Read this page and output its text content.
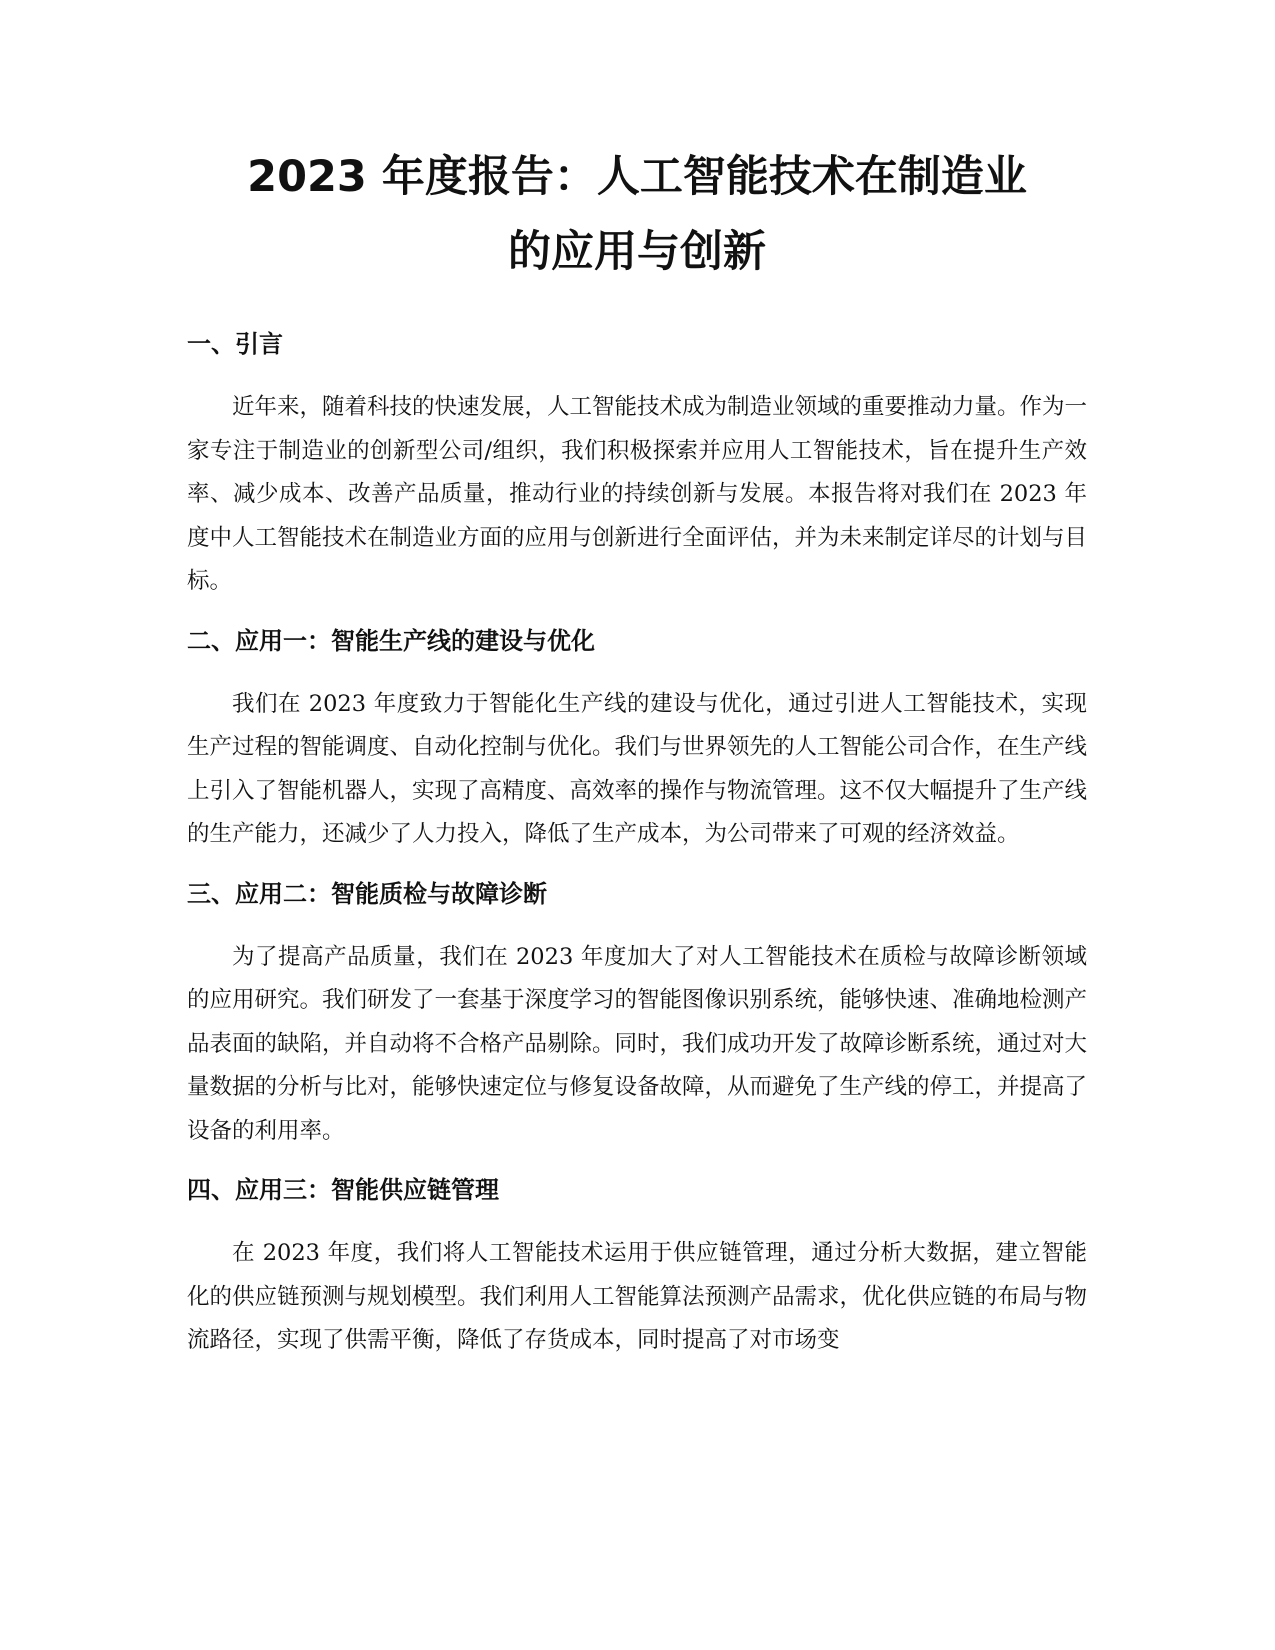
2023 年度报告：人工智能技术在制造业的应用与创新
一、引言

近年来，随着科技的快速发展，人工智能技术成为制造业领域的重要推动力量。作为一家专注于制造业的创新型公司/组织，我们积极探索并应用人工智能技术，旨在提升生产效率、减少成本、改善产品质量，推动行业的持续创新与发展。本报告将对我们在 2023 年度中人工智能技术在制造业方面的应用与创新进行全面评估，并为未来制定详尽的计划与目标。

二、应用一：智能生产线的建设与优化

我们在 2023 年度致力于智能化生产线的建设与优化，通过引进人工智能技术，实现生产过程的智能调度、自动化控制与优化。我们与世界领先的人工智能公司合作，在生产线上引入了智能机器人，实现了高精度、高效率的操作与物流管理。这不仅大幅提升了生产线的生产能力，还减少了人力投入，降低了生产成本，为公司带来了可观的经济效益。

三、应用二：智能质检与故障诊断

为了提高产品质量，我们在 2023 年度加大了对人工智能技术在质检与故障诊断领域的应用研究。我们研发了一套基于深度学习的智能图像识别系统，能够快速、准确地检测产品表面的缺陷，并自动将不合格产品剔除。同时，我们成功开发了故障诊断系统，通过对大量数据的分析与比对，能够快速定位与修复设备故障，从而避免了生产线的停工，并提高了设备的利用率。

四、应用三：智能供应链管理

在 2023 年度，我们将人工智能技术运用于供应链管理，通过分析大数据，建立智能化的供应链预测与规划模型。我们利用人工智能算法预测产品需求，优化供应链的布局与物流路径，实现了供需平衡，降低了存货成本，同时提高了对市场变
